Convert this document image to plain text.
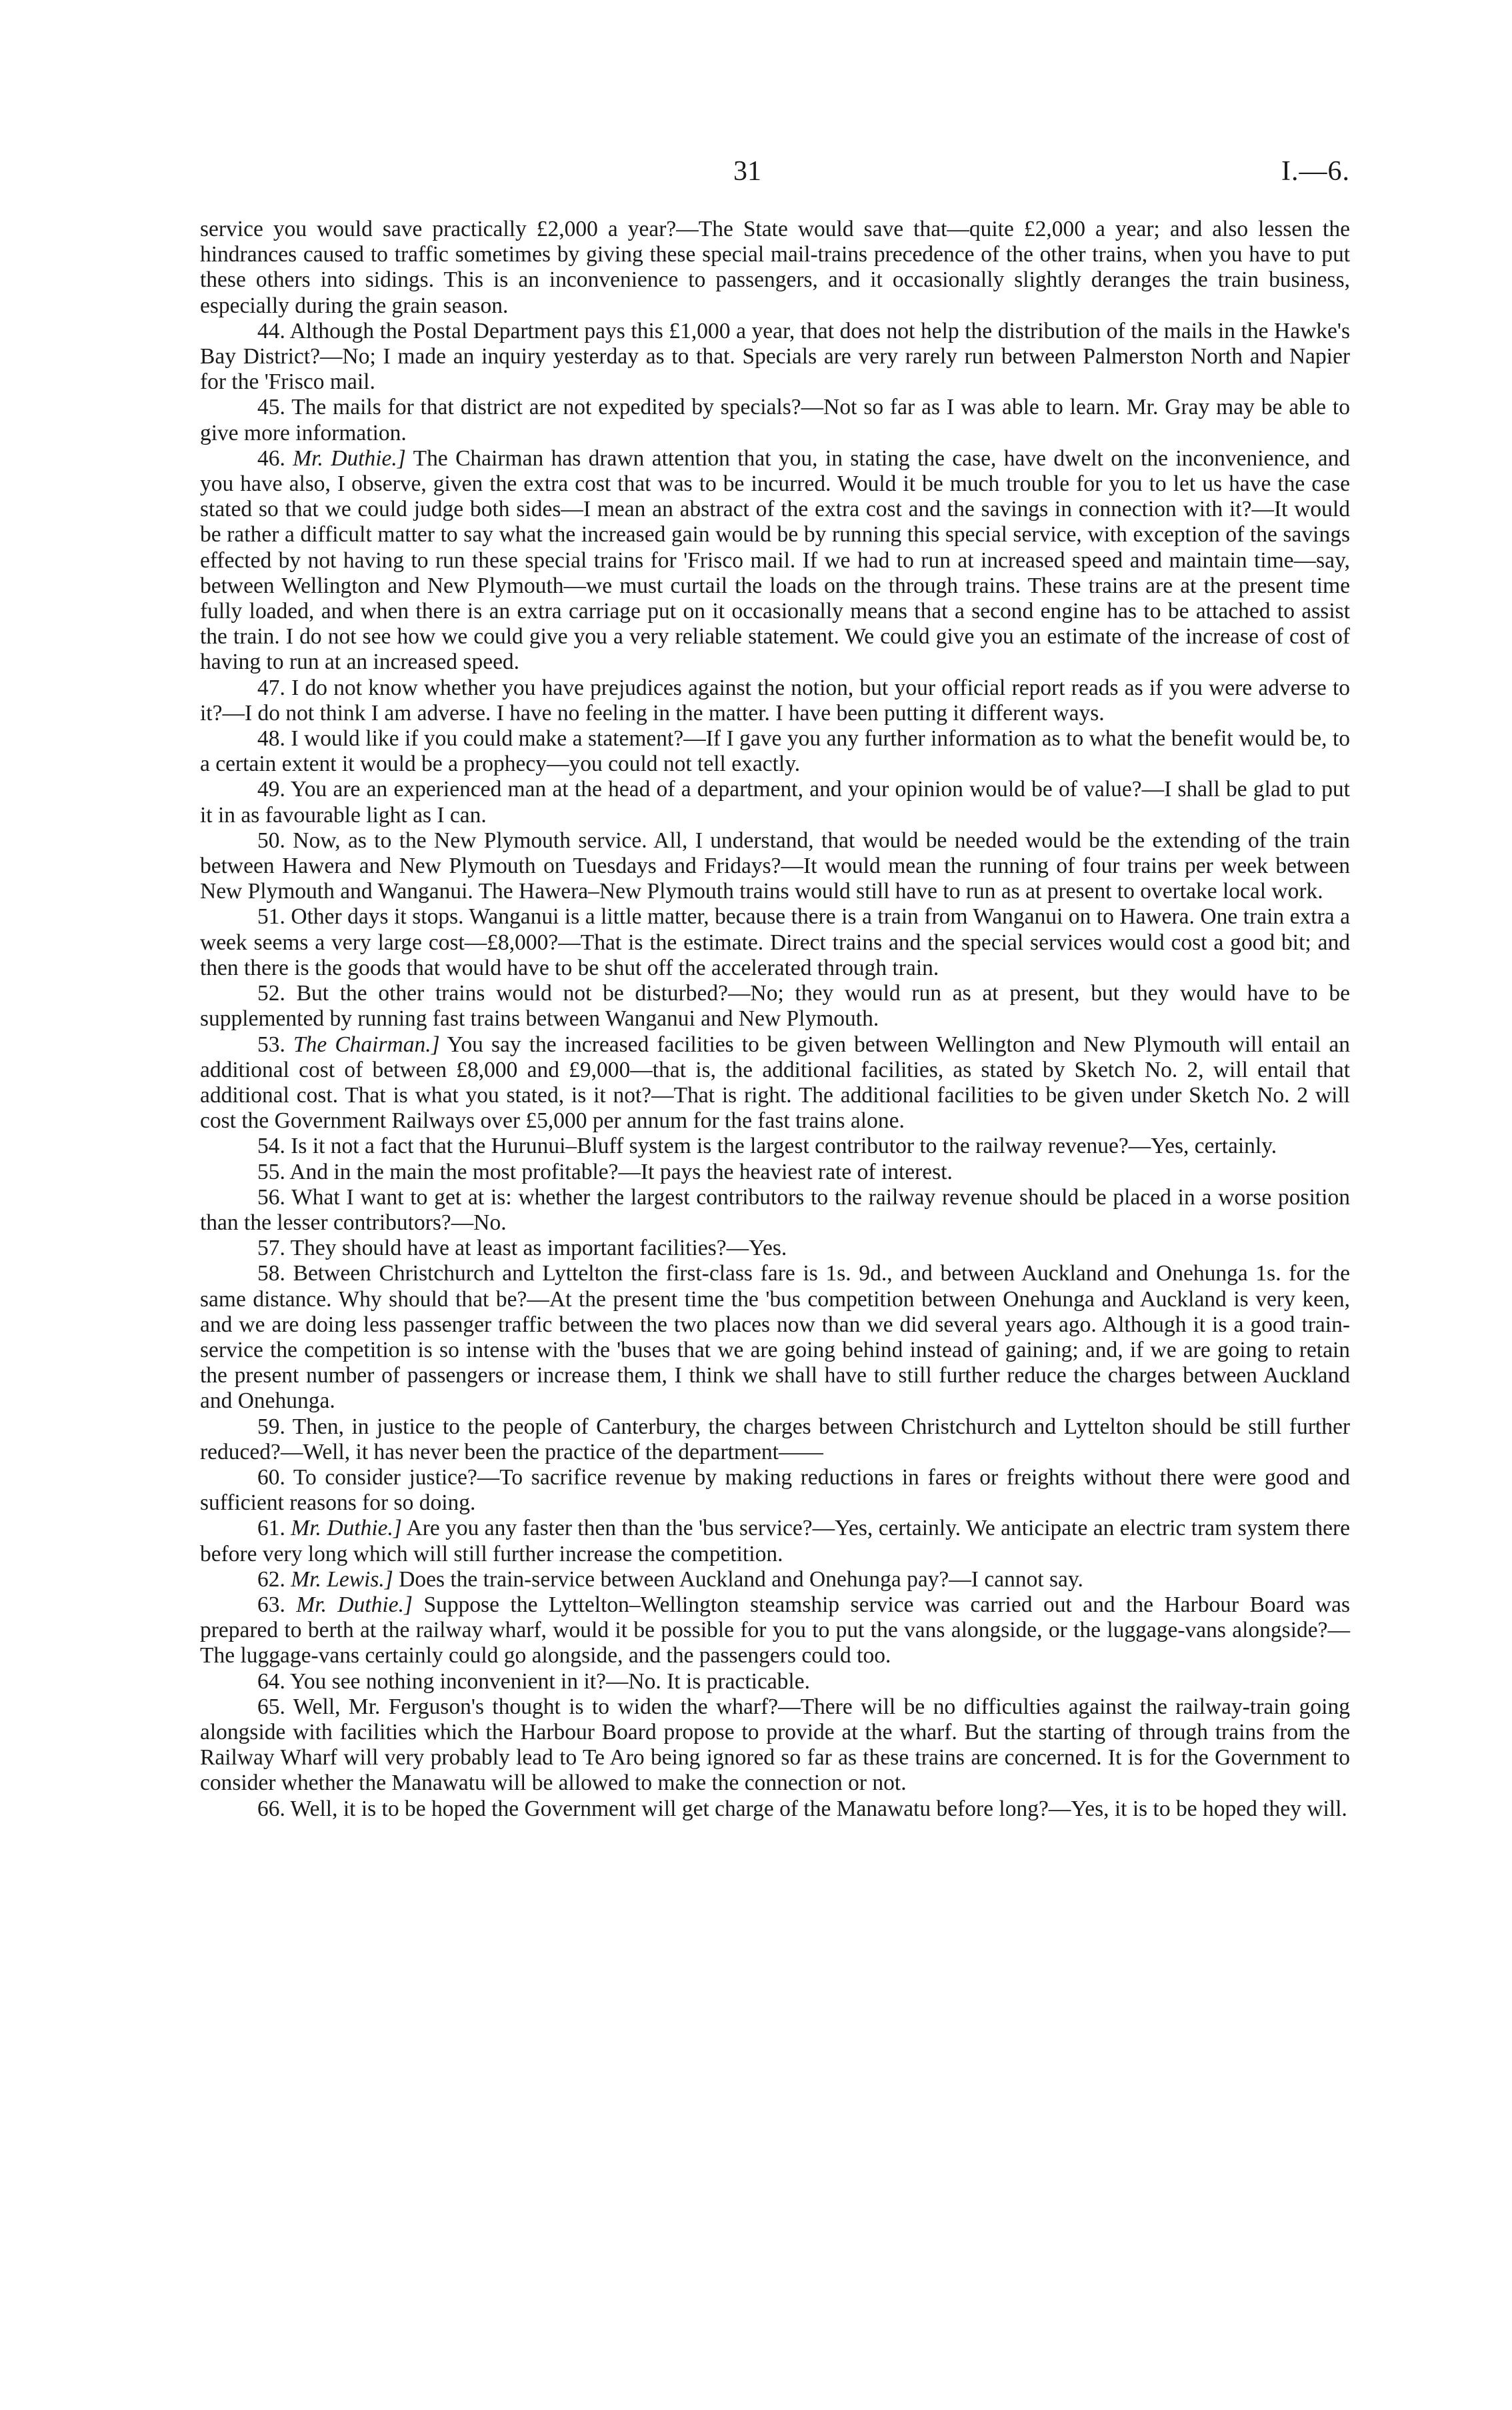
31	I.—6.

service you would save practically £2,000 a year?—The State would save that—quite £2,000 a year; and also lessen the hindrances caused to traffic sometimes by giving these special mail-trains precedence of the other trains, when you have to put these others into sidings. This is an inconvenience to passengers, and it occasionally slightly deranges the train business, especially during the grain season.

44. Although the Postal Department pays this £1,000 a year, that does not help the distribution of the mails in the Hawke's Bay District?—No; I made an inquiry yesterday as to that. Specials are very rarely run between Palmerston North and Napier for the 'Frisco mail.

45. The mails for that district are not expedited by specials?—Not so far as I was able to learn. Mr. Gray may be able to give more information.

46. Mr. Duthie.] The Chairman has drawn attention that you, in stating the case, have dwelt on the inconvenience, and you have also, I observe, given the extra cost that was to be incurred. Would it be much trouble for you to let us have the case stated so that we could judge both sides—I mean an abstract of the extra cost and the savings in connection with it?—It would be rather a difficult matter to say what the increased gain would be by running this special service, with exception of the savings effected by not having to run these special trains for 'Frisco mail. If we had to run at increased speed and maintain time—say, between Wellington and New Plymouth—we must curtail the loads on the through trains. These trains are at the present time fully loaded, and when there is an extra carriage put on it occasionally means that a second engine has to be attached to assist the train. I do not see how we could give you a very reliable statement. We could give you an estimate of the increase of cost of having to run at an increased speed.

47. I do not know whether you have prejudices against the notion, but your official report reads as if you were adverse to it?—I do not think I am adverse. I have no feeling in the matter. I have been putting it different ways.

48. I would like if you could make a statement?—If I gave you any further information as to what the benefit would be, to a certain extent it would be a prophecy—you could not tell exactly.

49. You are an experienced man at the head of a department, and your opinion would be of value?—I shall be glad to put it in as favourable light as I can.

50. Now, as to the New Plymouth service. All, I understand, that would be needed would be the extending of the train between Hawera and New Plymouth on Tuesdays and Fridays?—It would mean the running of four trains per week between New Plymouth and Wanganui. The Hawera–New Plymouth trains would still have to run as at present to overtake local work.

51. Other days it stops. Wanganui is a little matter, because there is a train from Wanganui on to Hawera. One train extra a week seems a very large cost—£8,000?—That is the estimate. Direct trains and the special services would cost a good bit; and then there is the goods that would have to be shut off the accelerated through train.

52. But the other trains would not be disturbed?—No; they would run as at present, but they would have to be supplemented by running fast trains between Wanganui and New Plymouth.

53. The Chairman.] You say the increased facilities to be given between Wellington and New Plymouth will entail an additional cost of between £8,000 and £9,000—that is, the additional facilities, as stated by Sketch No. 2, will entail that additional cost. That is what you stated, is it not?—That is right. The additional facilities to be given under Sketch No. 2 will cost the Government Railways over £5,000 per annum for the fast trains alone.

54. Is it not a fact that the Hurunui–Bluff system is the largest contributor to the railway revenue?—Yes, certainly.

55. And in the main the most profitable?—It pays the heaviest rate of interest.

56. What I want to get at is: whether the largest contributors to the railway revenue should be placed in a worse position than the lesser contributors?—No.

57. They should have at least as important facilities?—Yes.

58. Between Christchurch and Lyttelton the first-class fare is 1s. 9d., and between Auckland and Onehunga 1s. for the same distance. Why should that be?—At the present time the 'bus competition between Onehunga and Auckland is very keen, and we are doing less passenger traffic between the two places now than we did several years ago. Although it is a good train-service the competition is so intense with the 'buses that we are going behind instead of gaining; and, if we are going to retain the present number of passengers or increase them, I think we shall have to still further reduce the charges between Auckland and Onehunga.

59. Then, in justice to the people of Canterbury, the charges between Christchurch and Lyttelton should be still further reduced?—Well, it has never been the practice of the department——

60. To consider justice?—To sacrifice revenue by making reductions in fares or freights without there were good and sufficient reasons for so doing.

61. Mr. Duthie.] Are you any faster then than the 'bus service?—Yes, certainly. We anticipate an electric tram system there before very long which will still further increase the competition.

62. Mr. Lewis.] Does the train-service between Auckland and Onehunga pay?—I cannot say.

63. Mr. Duthie.] Suppose the Lyttelton–Wellington steamship service was carried out and the Harbour Board was prepared to berth at the railway wharf, would it be possible for you to put the vans alongside, or the luggage-vans alongside?—The luggage-vans certainly could go alongside, and the passengers could too.

64. You see nothing inconvenient in it?—No. It is practicable.

65. Well, Mr. Ferguson's thought is to widen the wharf?—There will be no difficulties against the railway-train going alongside with facilities which the Harbour Board propose to provide at the wharf. But the starting of through trains from the Railway Wharf will very probably lead to Te Aro being ignored so far as these trains are concerned. It is for the Government to consider whether the Manawatu will be allowed to make the connection or not.

66. Well, it is to be hoped the Government will get charge of the Manawatu before long?—Yes, it is to be hoped they will.
